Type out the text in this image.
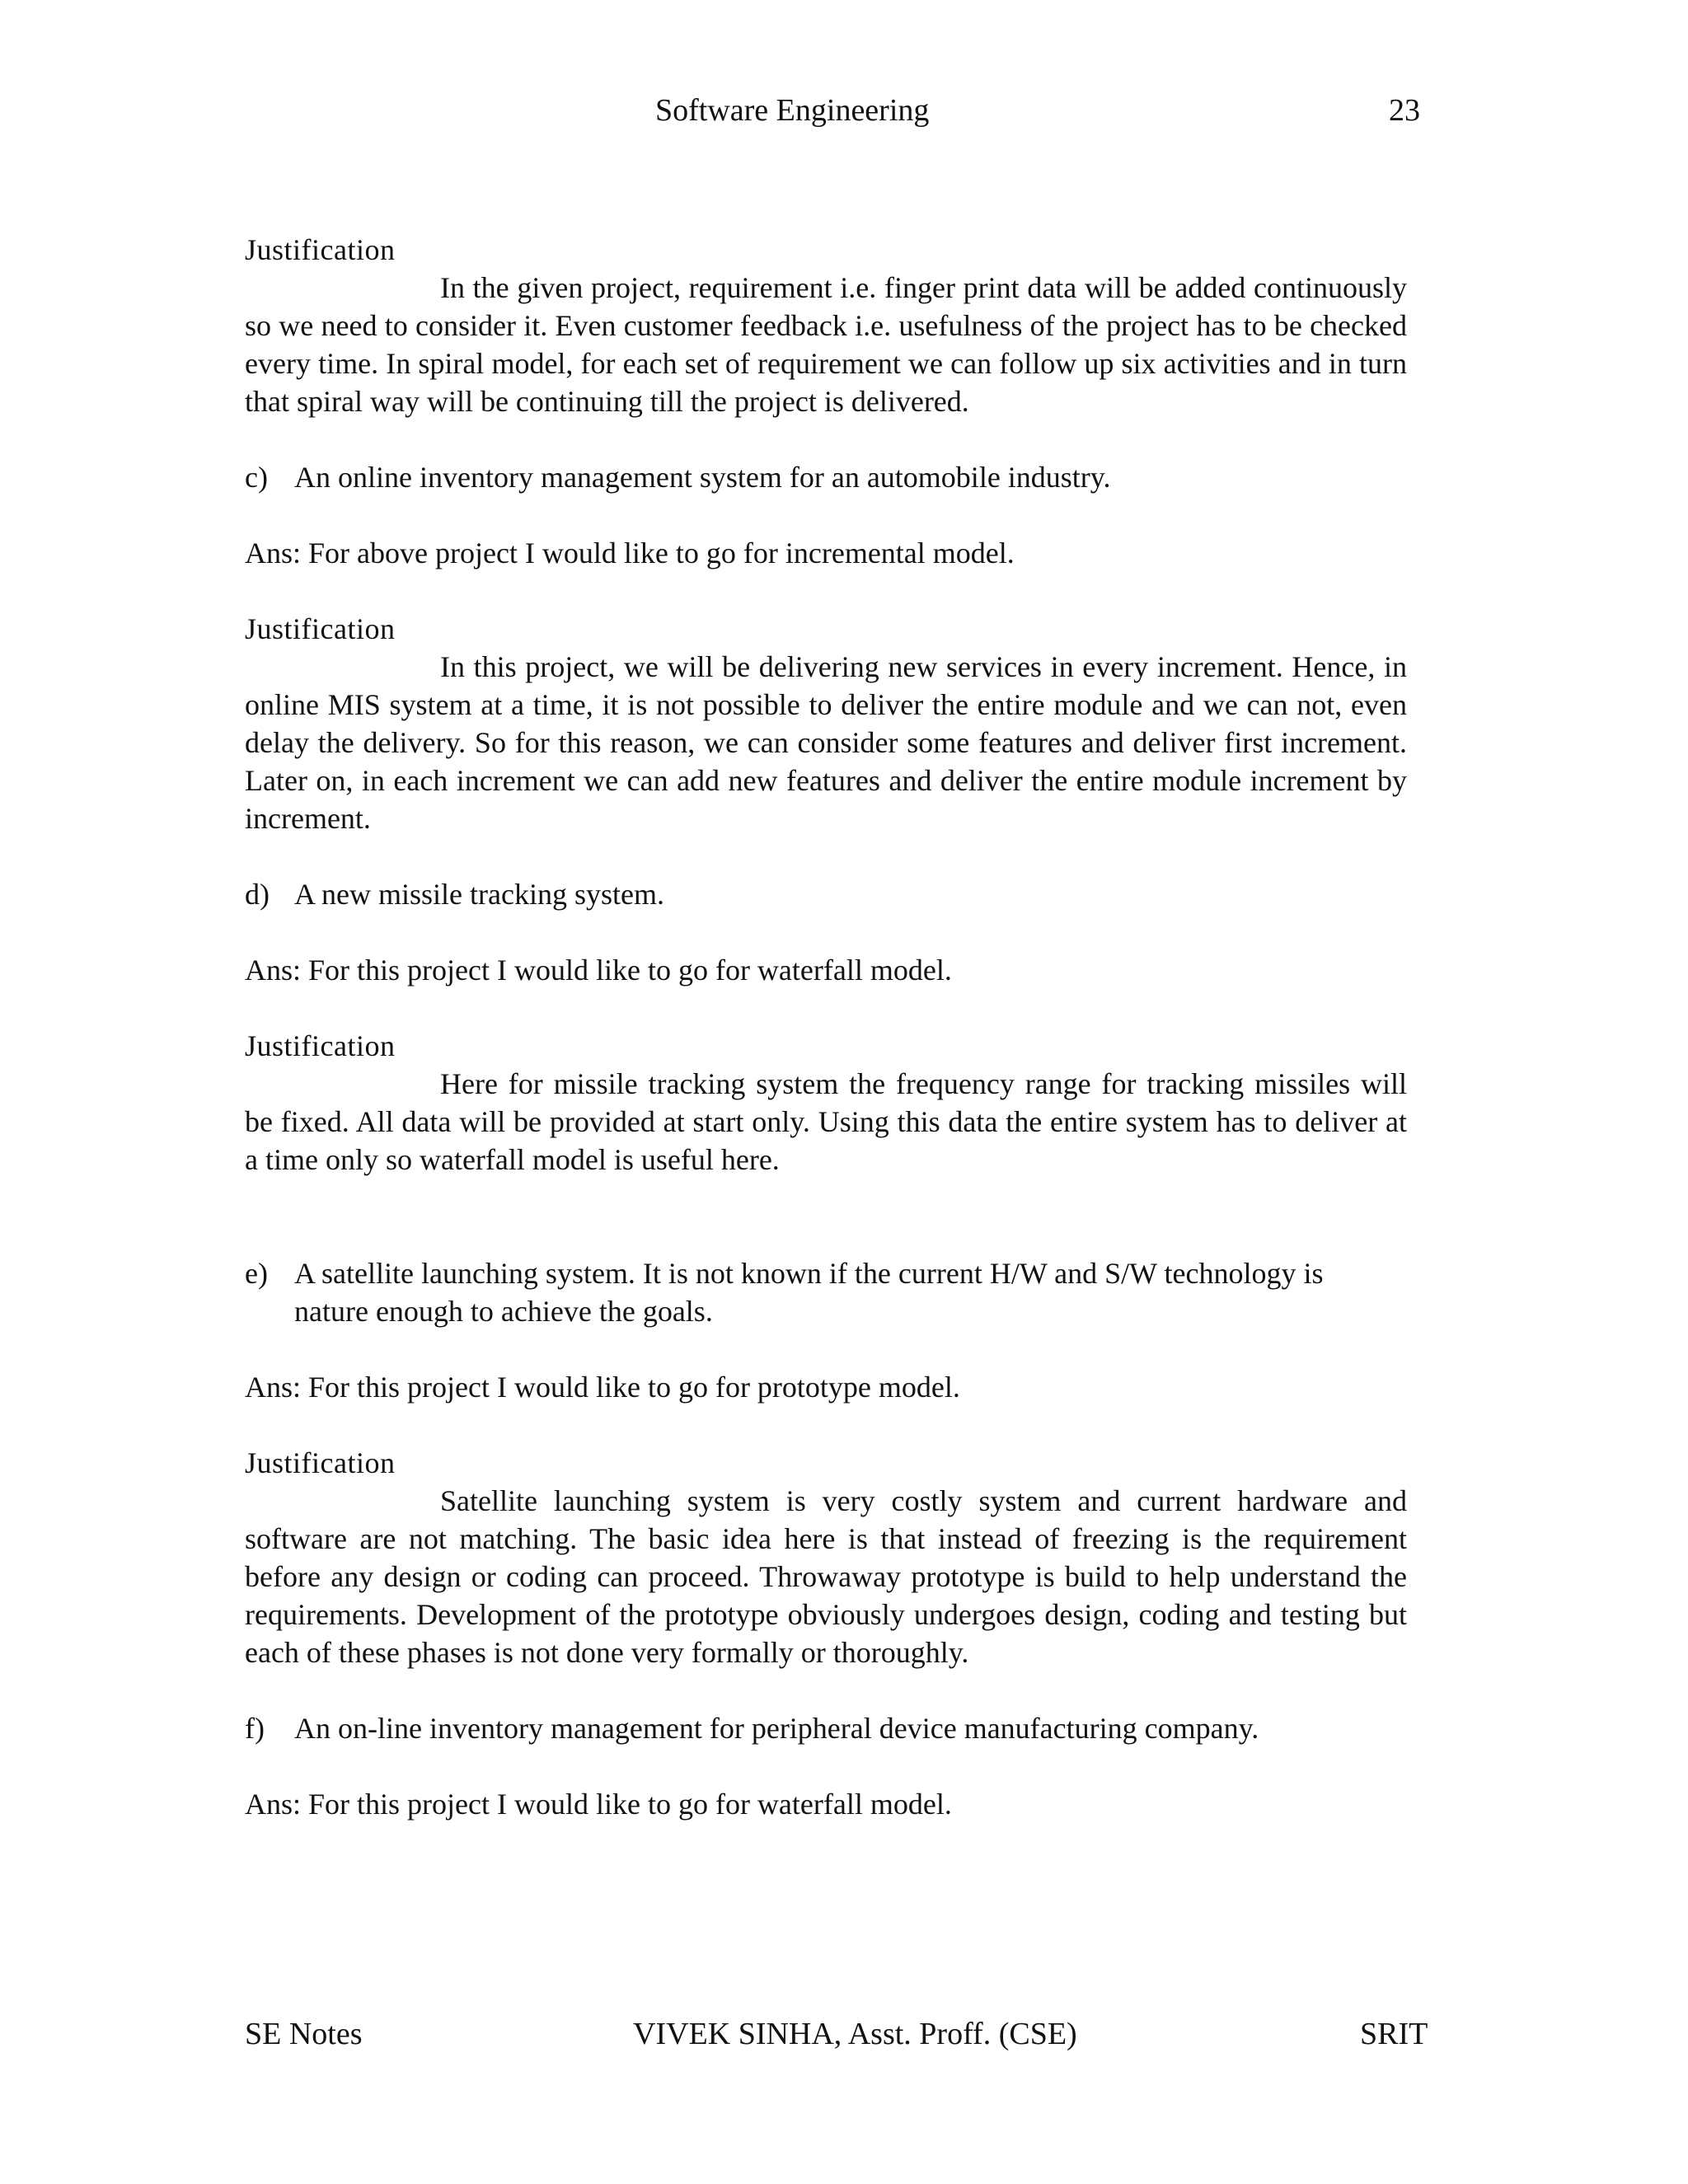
Software Engineering	23

Justification

In the given project, requirement i.e. finger print data will be added continuously so we need to consider it. Even customer feedback i.e. usefulness of the project has to be checked every time. In spiral model, for each set of requirement we can follow up six activities and in turn that spiral way will be continuing till the project is delivered.

c) An online inventory management system for an automobile industry.

Ans: For above project I would like to go for incremental model.

Justification

In this project, we will be delivering new services in every increment. Hence, in online MIS system at a time, it is not possible to deliver the entire module and we can not, even delay the delivery. So for this reason, we can consider some features and deliver first increment. Later on, in each increment we can add new features and deliver the entire module increment by increment.

d) A new missile tracking system.

Ans: For this project I would like to go for waterfall model.

Justification

Here for missile tracking system the frequency range for tracking missiles will be fixed. All data will be provided at start only. Using this data the entire system has to deliver at a time only so waterfall model is useful here.

e) A satellite launching system. It is not known if the current H/W and S/W technology is nature enough to achieve the goals.

Ans: For this project I would like to go for prototype model.

Justification

Satellite launching system is very costly system and current hardware and software are not matching. The basic idea here is that instead of freezing is the requirement before any design or coding can proceed. Throwaway prototype is build to help understand the requirements. Development of the prototype obviously undergoes design, coding and testing but each of these phases is not done very formally or thoroughly.

f) An on-line inventory management for peripheral device manufacturing company.

Ans: For this project I would like to go for waterfall model.

SE Notes	VIVEK SINHA, Asst. Proff. (CSE)	SRIT
